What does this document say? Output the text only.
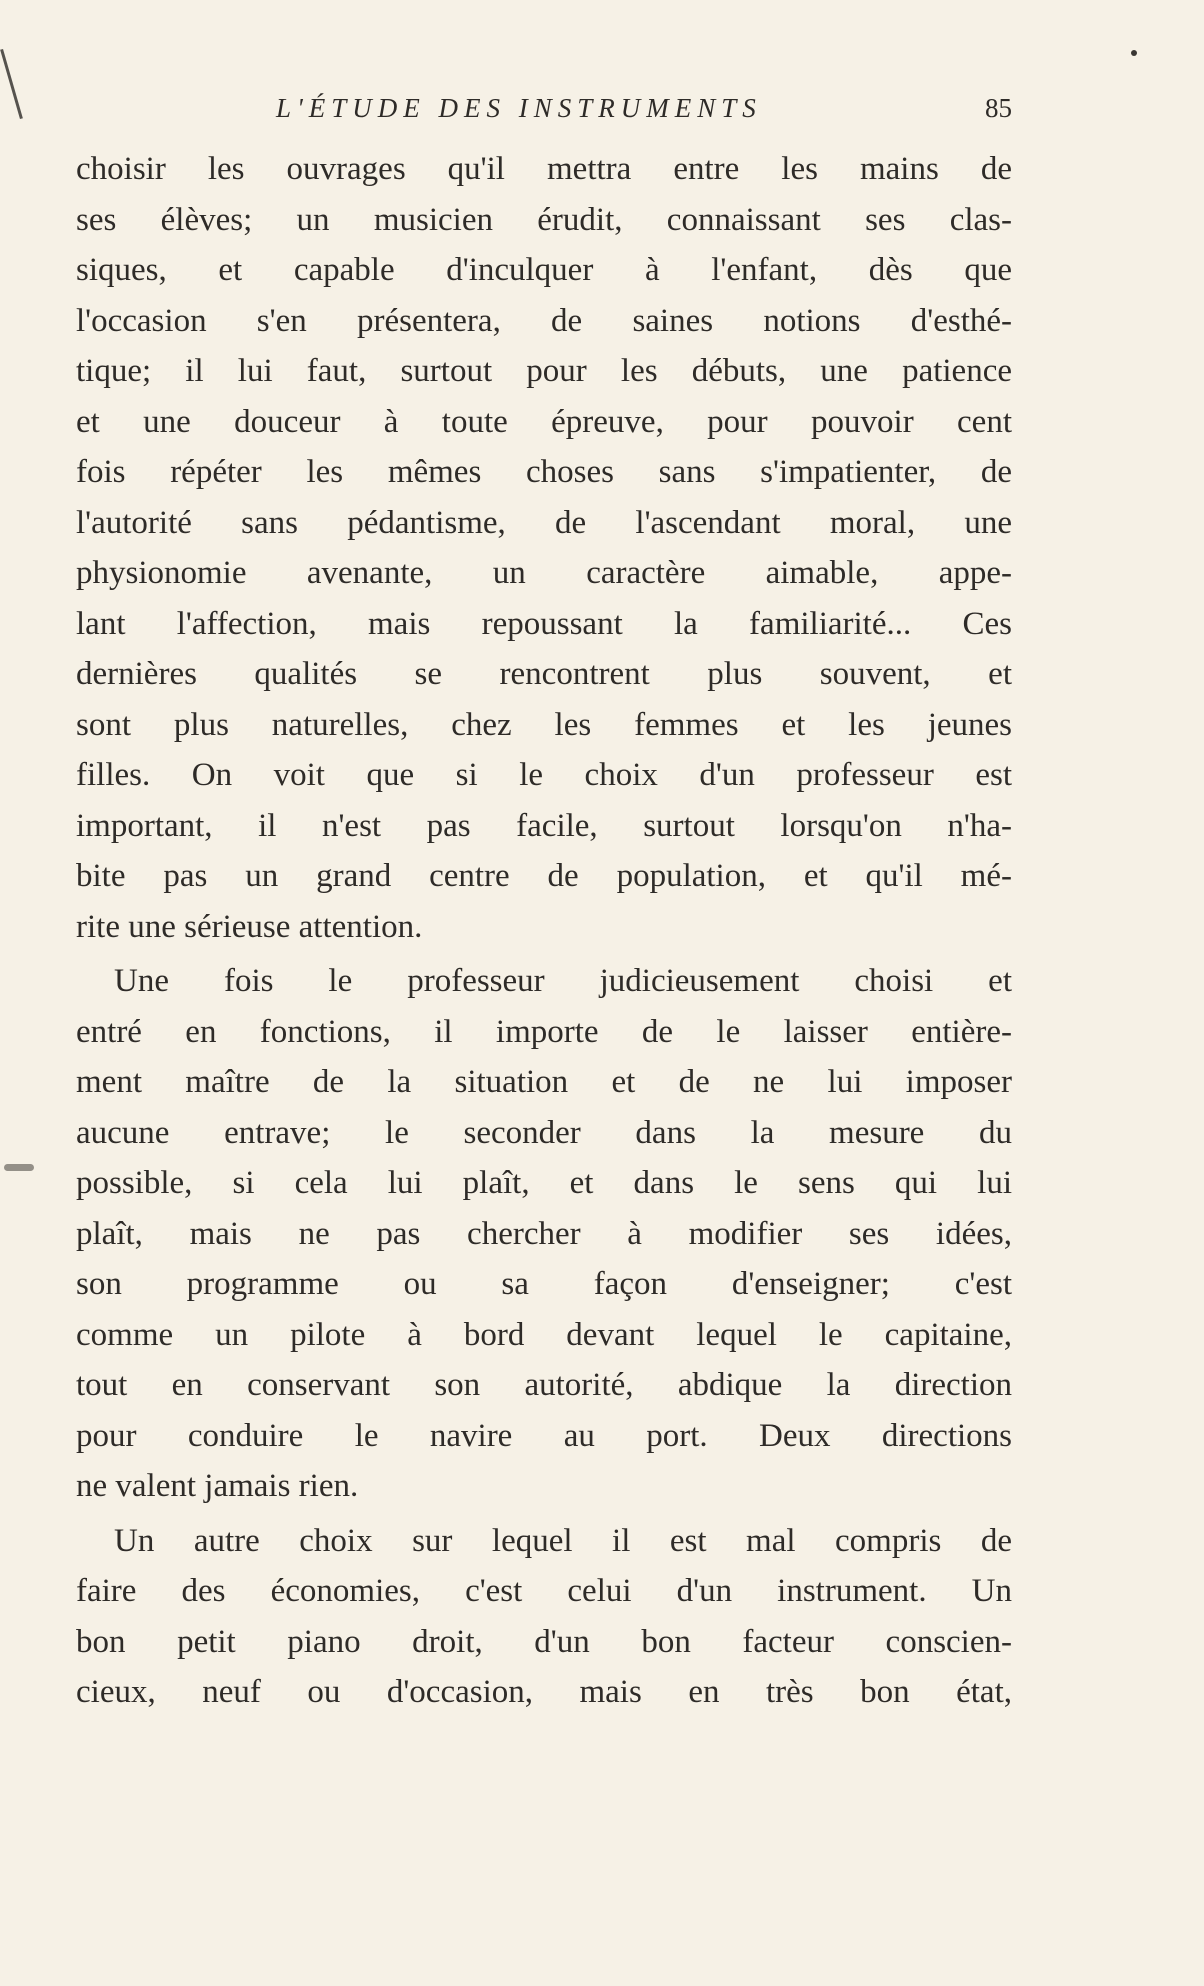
L'ÉTUDE DES INSTRUMENTS	85
choisir les ouvrages qu'il mettra entre les mains de
ses élèves; un musicien érudit, connaissant ses clas-
siques, et capable d'inculquer à l'enfant, dès que
l'occasion s'en présentera, de saines notions d'esthé-
tique; il lui faut, surtout pour les débuts, une patience
et une douceur à toute épreuve, pour pouvoir cent
fois répéter les mêmes choses sans s'impatienter, de
l'autorité sans pédantisme, de l'ascendant moral, une
physionomie avenante, un caractère aimable, appe-
lant l'affection, mais repoussant la familiarité... Ces
dernières qualités se rencontrent plus souvent, et
sont plus naturelles, chez les femmes et les jeunes
filles. On voit que si le choix d'un professeur est
important, il n'est pas facile, surtout lorsqu'on n'ha-
bite pas un grand centre de population, et qu'il mé-
rite une sérieuse attention.
Une fois le professeur judicieusement choisi et
entré en fonctions, il importe de le laisser entière-
ment maître de la situation et de ne lui imposer
aucune entrave; le seconder dans la mesure du
possible, si cela lui plaît, et dans le sens qui lui
plaît, mais ne pas chercher à modifier ses idées,
son programme ou sa façon d'enseigner; c'est
comme un pilote à bord devant lequel le capitaine,
tout en conservant son autorité, abdique la direction
pour conduire le navire au port. Deux directions
ne valent jamais rien.
Un autre choix sur lequel il est mal compris de
faire des économies, c'est celui d'un instrument. Un
bon petit piano droit, d'un bon facteur conscien-
cieux, neuf ou d'occasion, mais en très bon état,
